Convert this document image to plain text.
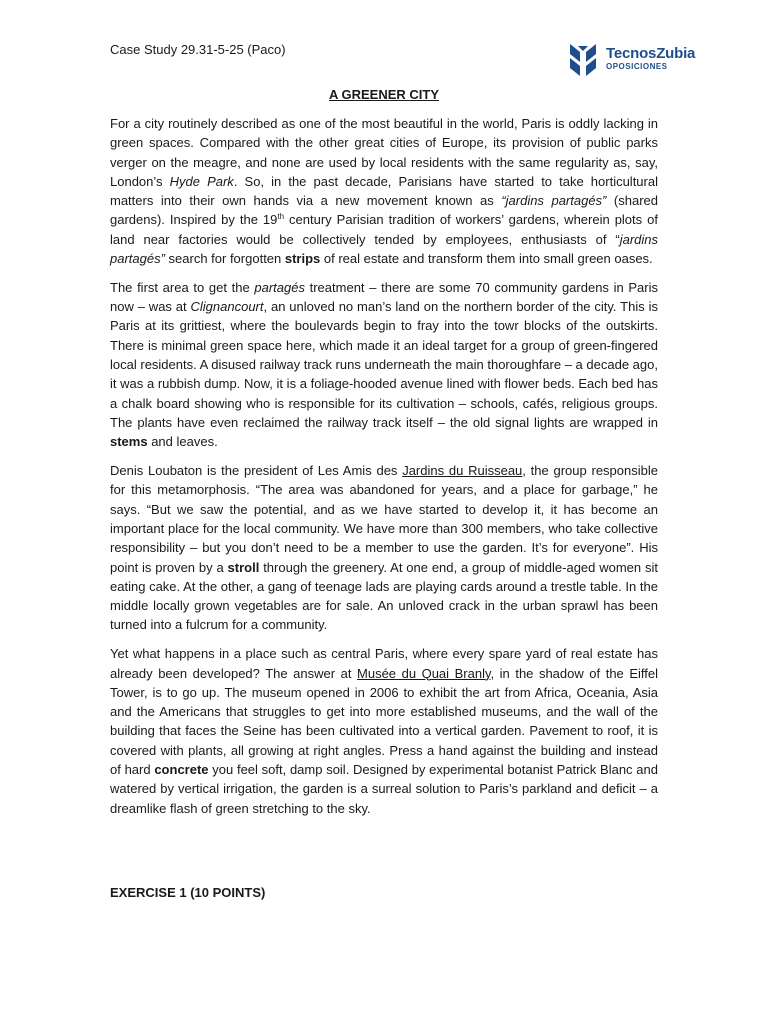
Case Study 29.31-5-25 (Paco)	TecnosZubia
OPOSICIONES
A GREENER CITY

For a city routinely described as one of the most beautiful in the world, Paris is oddly lacking in green spaces. Compared with the other great cities of Europe, its provision of public parks verger on the meagre, and none are used by local residents with the same regularity as, say, London’s Hyde Park. So, in the past decade, Parisians have started to take horticultural matters into their own hands via a new movement known as “jardins partagés” (shared gardens). Inspired by the 19th century Parisian tradition of workers’ gardens, wherein plots of land near factories would be collectively tended by employees, enthusiasts of “jardins partagés” search for forgotten strips of real estate and transform them into small green oases.

The first area to get the partagés treatment – there are some 70 community gardens in Paris now – was at Clignancourt, an unloved no man’s land on the northern border of the city. This is Paris at its grittiest, where the boulevards begin to fray into the towr blocks of the outskirts. There is minimal green space here, which made it an ideal target for a group of green-fingered local residents. A disused railway track runs underneath the main thoroughfare – a decade ago, it was a rubbish dump. Now, it is a foliage-hooded avenue lined with flower beds. Each bed has a chalk board showing who is responsible for its cultivation – schools, cafés, religious groups. The plants have even reclaimed the railway track itself – the old signal lights are wrapped in stems and leaves.

Denis Loubaton is the president of Les Amis des Jardins du Ruisseau, the group responsible for this metamorphosis. “The area was abandoned for years, and a place for garbage,” he says. “But we saw the potential, and as we have started to develop it, it has become an important place for the local community. We have more than 300 members, who take collective responsibility – but you don’t need to be a member to use the garden. It’s for everyone”. His point is proven by a stroll through the greenery. At one end, a group of middle-aged women sit eating cake. At the other, a gang of teenage lads are playing cards around a trestle table. In the middle locally grown vegetables are for sale. An unloved crack in the urban sprawl has been turned into a fulcrum for a community.

Yet what happens in a place such as central Paris, where every spare yard of real estate has already been developed? The answer at Musée du Quai Branly, in the shadow of the Eiffel Tower, is to go up. The museum opened in 2006 to exhibit the art from Africa, Oceania, Asia and the Americans that struggles to get into more established museums, and the wall of the building that faces the Seine has been cultivated into a vertical garden. Pavement to roof, it is covered with plants, all growing at right angles. Press a hand against the building and instead of hard concrete you feel soft, damp soil. Designed by experimental botanist Patrick Blanc and watered by vertical irrigation, the garden is a surreal solution to Paris’s parkland and deficit – a dreamlike flash of green stretching to the sky.

EXERCISE 1 (10 POINTS)
